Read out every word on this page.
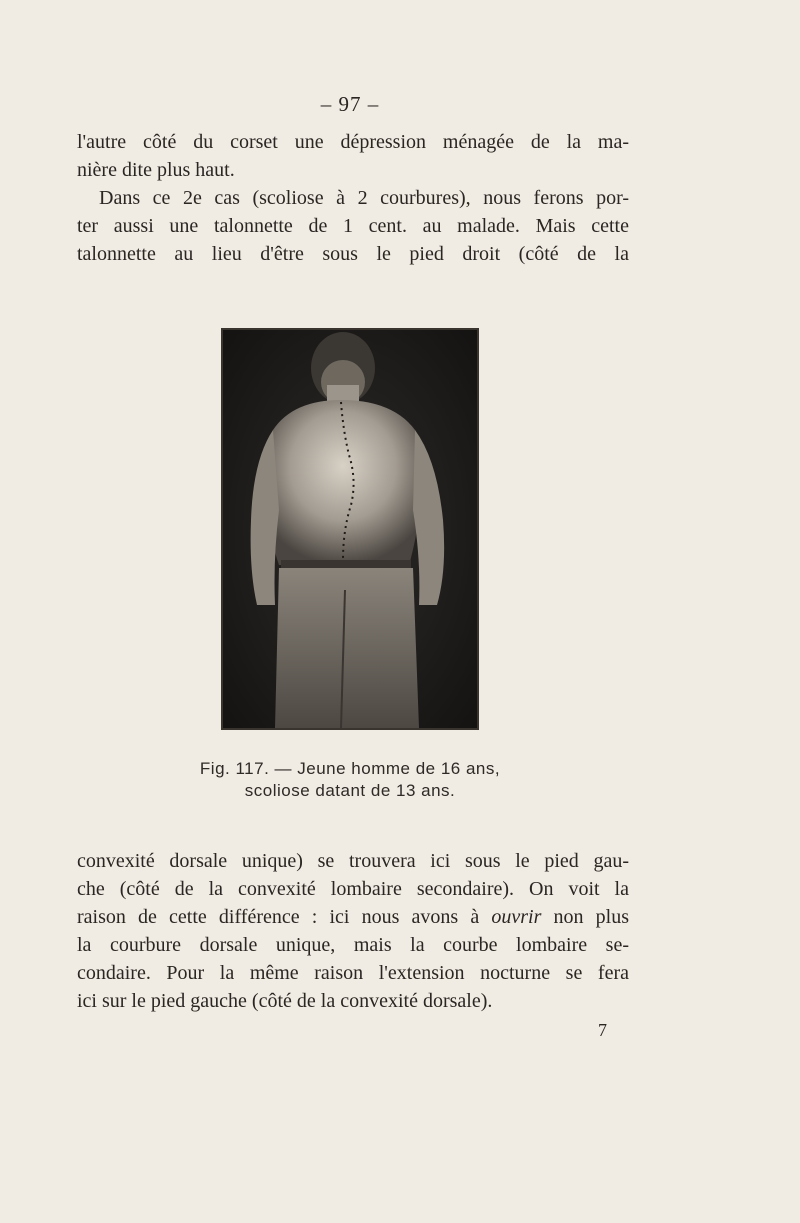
– 97 –

l'autre côté du corset une dépression ménagée de la ma-
nière dite plus haut.

Dans ce 2e cas (scoliose à 2 courbures), nous ferons por-
ter aussi une talonnette de 1 cent. au malade. Mais cette
talonnette au lieu d'être sous le pied droit (côté de la

Fig. 117. — Jeune homme de 16 ans,
scoliose datant de 13 ans.

convexité dorsale unique) se trouvera ici sous le pied gau-
che (côté de la convexité lombaire secondaire). On voit la
raison de cette différence : ici nous avons à ouvrir non plus
la courbure dorsale unique, mais la courbe lombaire se-
condaire. Pour la même raison l'extension nocturne se fera
ici sur le pied gauche (côté de la convexité dorsale).

7
